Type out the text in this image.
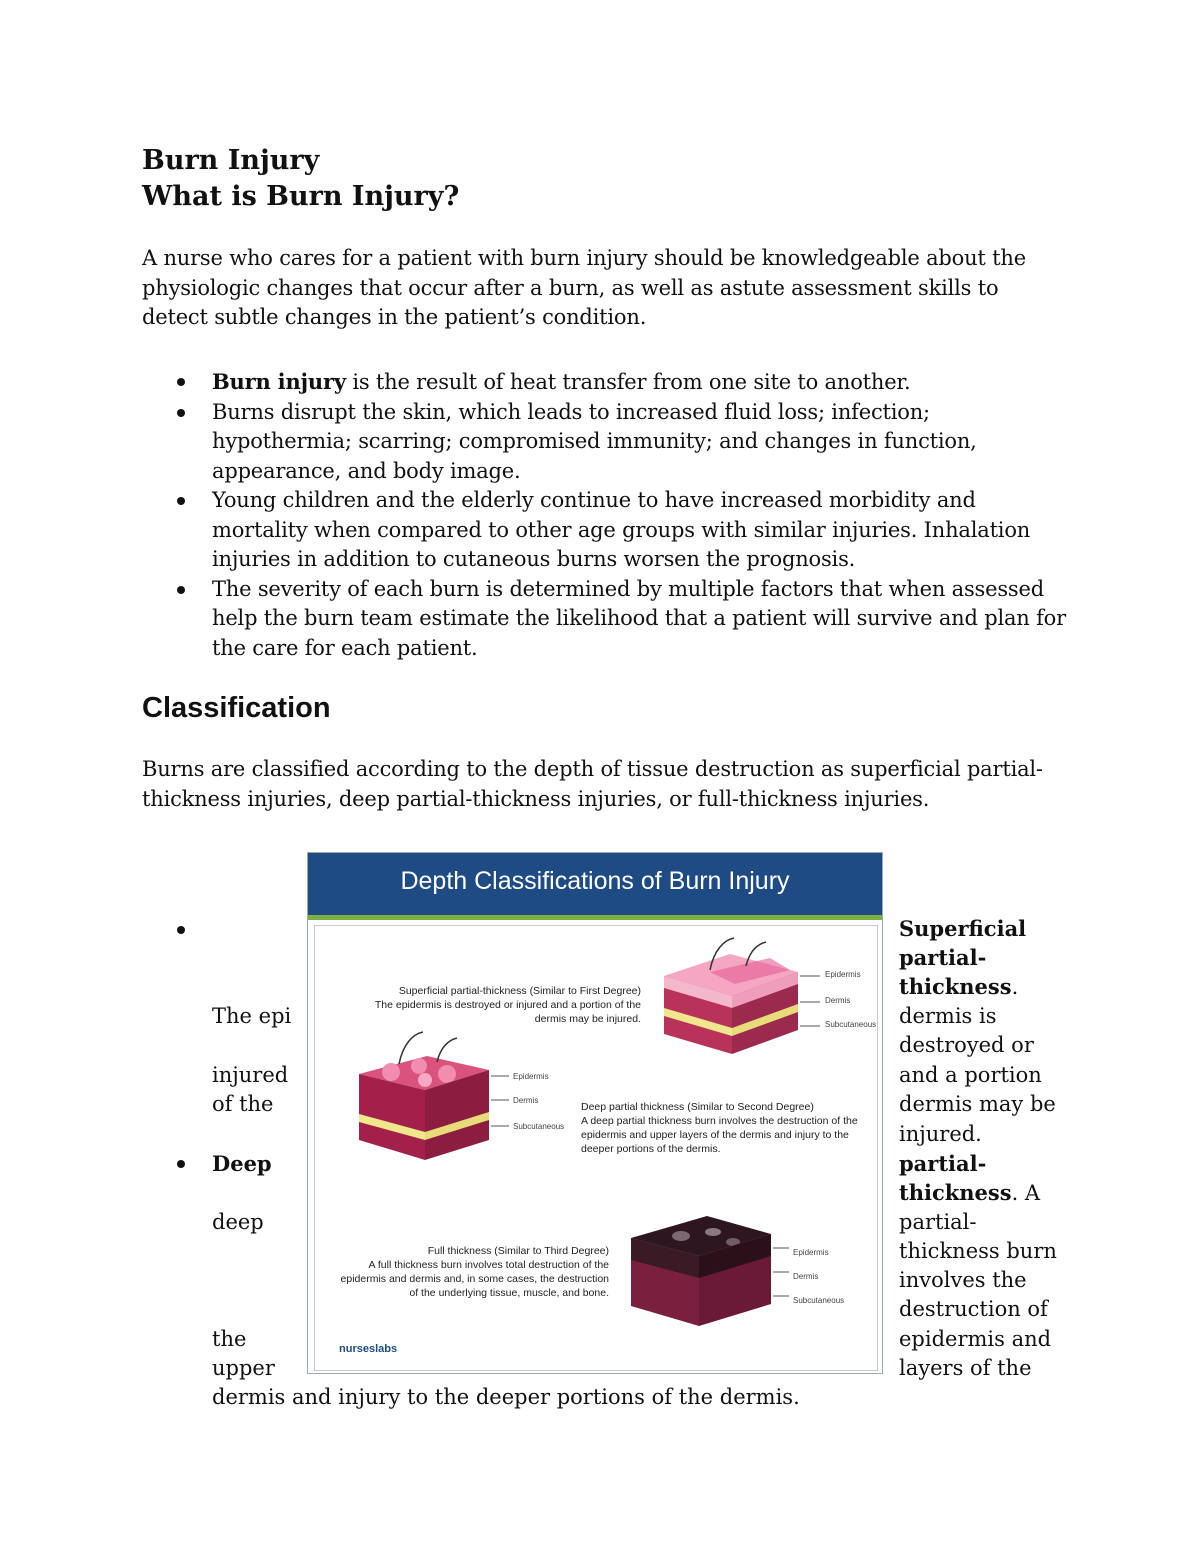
Burn Injury
What is Burn Injury?

A nurse who cares for a patient with burn injury should be knowledgeable about the physiologic changes that occur after a burn, as well as astute assessment skills to detect subtle changes in the patient’s condition.

Burn injury is the result of heat transfer from one site to another.
Burns disrupt the skin, which leads to increased fluid loss; infection; hypothermia; scarring; compromised immunity; and changes in function, appearance, and body image.
Young children and the elderly continue to have increased morbidity and mortality when compared to other age groups with similar injuries. Inhalation injuries in addition to cutaneous burns worsen the prognosis.
The severity of each burn is determined by multiple factors that when assessed help the burn team estimate the likelihood that a patient will survive and plan for the care for each patient.
Classification

Burns are classified according to the depth of tissue destruction as superficial partial-thickness injuries, deep partial-thickness injuries, or full-thickness injuries.

The epi
injured
of the
Deep
deep
the
upper
dermis and injury to the deeper portions of the dermis.
Superficial
partial-
thickness.
dermis is
destroyed or
and a portion
dermis may be
injured.
partial-
thickness. A
partial-
thickness burn
involves the
destruction of
epidermis and
layers of the
Depth Classifications of Burn Injury
Superficial partial-thickness (Similar to First Degree)
The epidermis is destroyed or injured and a portion of the dermis may be injured.
Epidermis
Dermis
Subcutaneous
Epidermis
Dermis
Subcutaneous
Deep partial thickness (Similar to Second Degree)
A deep partial thickness burn involves the destruction of the epidermis and upper layers of the dermis and injury to the deeper portions of the dermis.
Full thickness (Similar to Third Degree)
A full thickness burn involves total destruction of the epidermis and dermis and, in some cases, the destruction of the underlying tissue, muscle, and bone.
Epidermis
Dermis
Subcutaneous
nurseslabs
